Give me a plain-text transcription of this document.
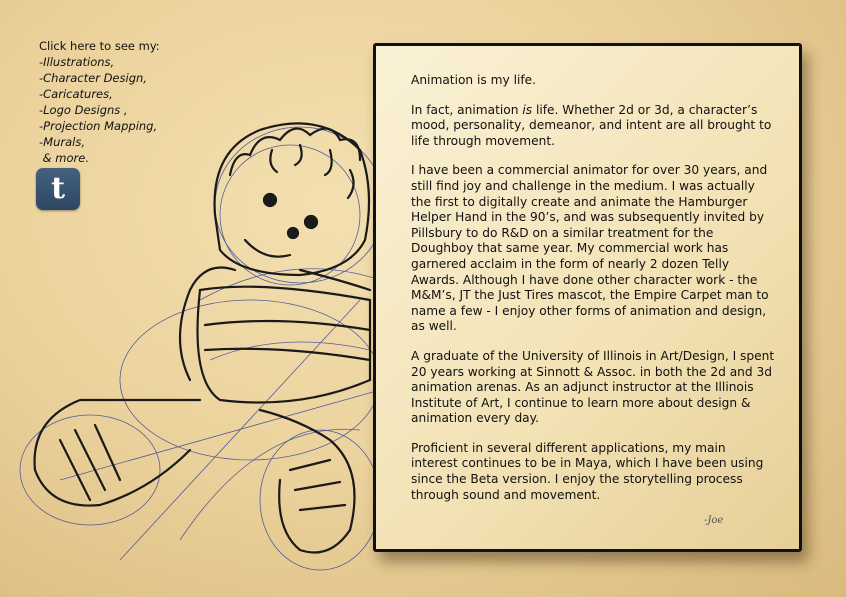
Click here to see my:
-Illustrations,
-Character Design,
-Caricatures,
-Logo Designs ,
-Projection Mapping,
-Murals,
& more.
t

Animation is my life.

In fact, animation is life. Whether 2d or 3d, a character’s mood, personality, demeanor, and intent are all brought to life through movement.

I have been a commercial animator for over 30 years, and still find joy and challenge in the medium. I was actually the first to digitally create and animate the Hamburger Helper Hand in the 90’s, and was subsequently invited by Pillsbury to do R&D on a similar treatment for the Doughboy that same year. My commercial work has garnered acclaim in the form of nearly 2 dozen Telly Awards. Although I have done other character work - the M&M’s, JT the Just Tires mascot, the Empire Carpet man to name a few - I enjoy other forms of animation and design, as well.

A graduate of the University of Illinois in Art/Design, I spent 20 years working at Sinnott & Assoc. in both the 2d and 3d animation arenas. As an adjunct instructor at the Illinois Institute of Art, I continue to learn more about design & animation every day.

Proficient in several different applications, my main interest continues to be in Maya, which I have been using since the Beta version. I enjoy the storytelling process through sound and movement.

-Joe
